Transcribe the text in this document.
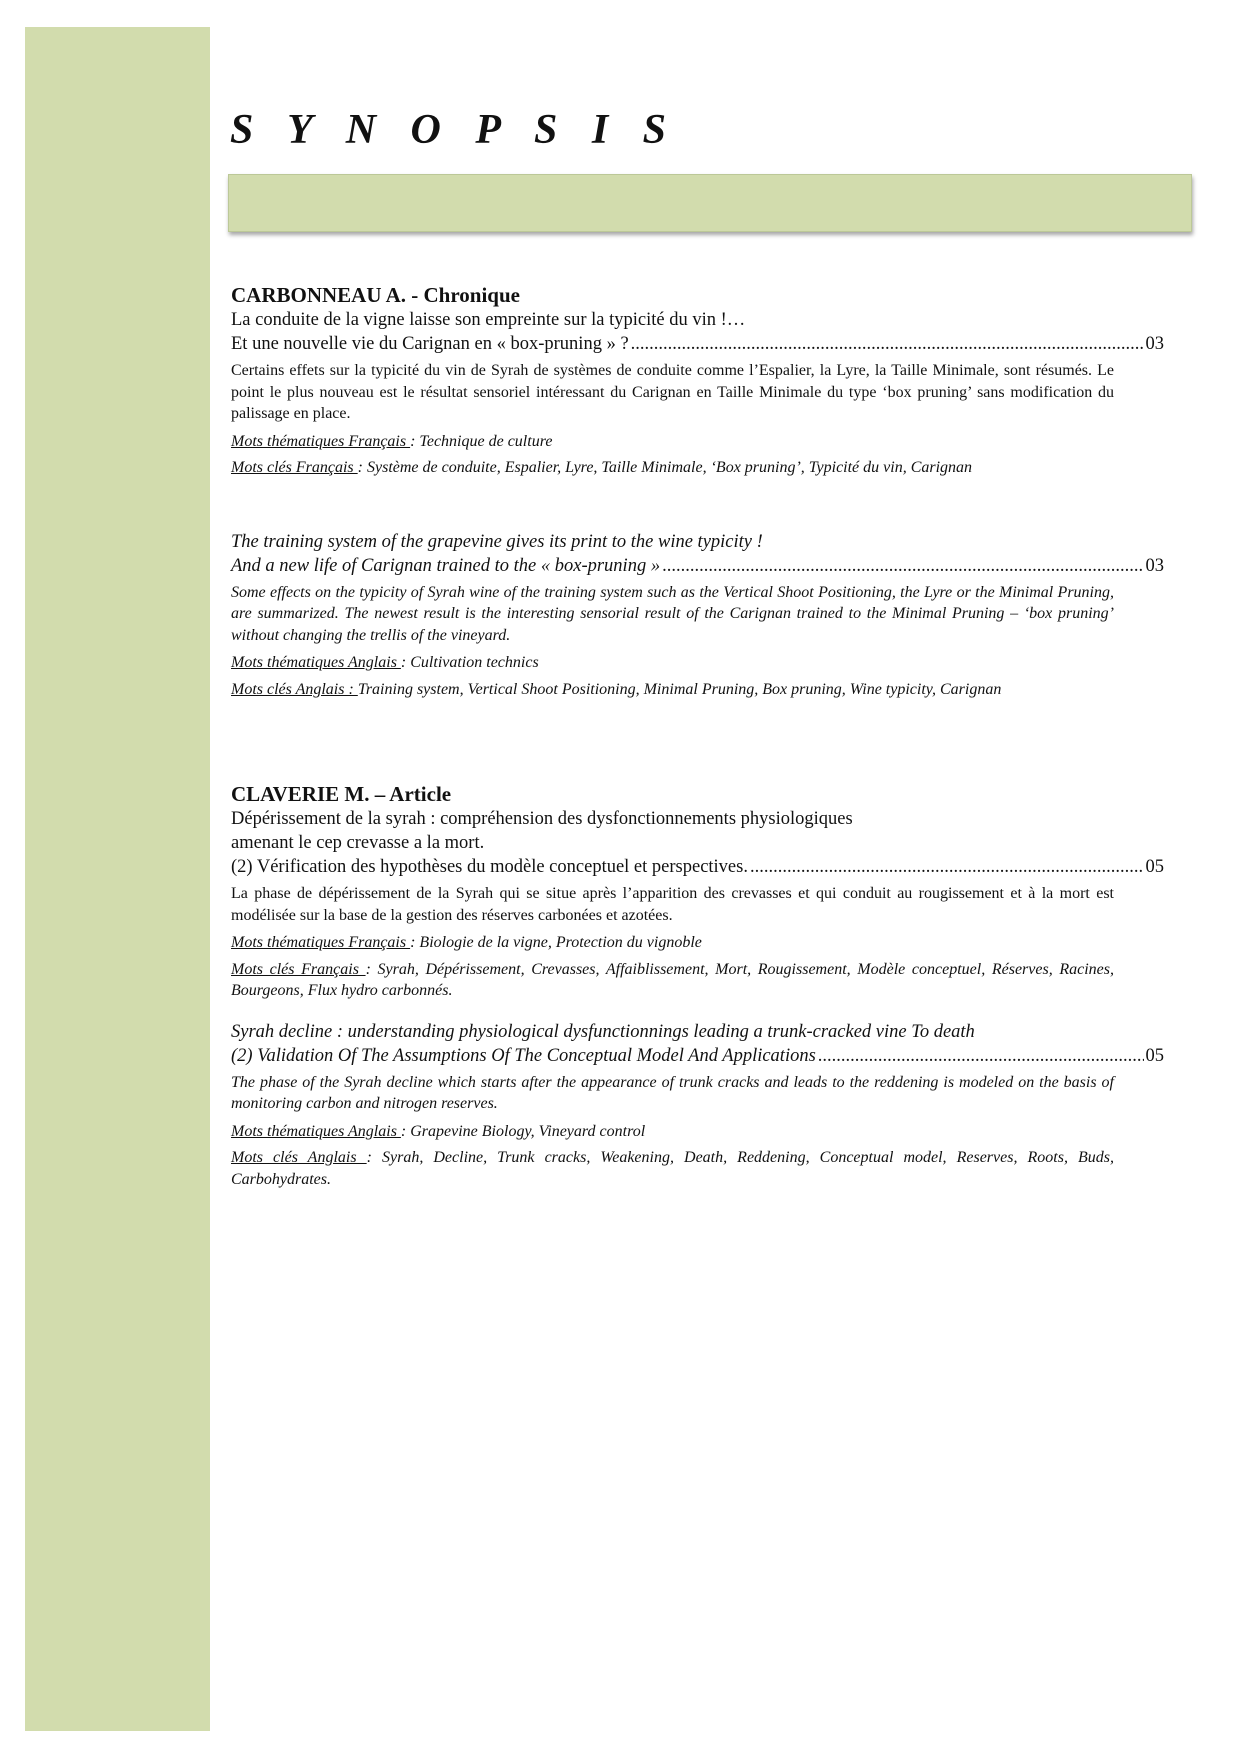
S Y N O P S I S

CARBONNEAU A. - Chronique

La conduite de la vigne laisse son empreinte sur la typicité du vin !…

Et une nouvelle vie du Carignan en « box-pruning » ? .....	03

Certains effets sur la typicité du vin de Syrah de systèmes de conduite comme l’Espalier, la Lyre, la Taille Minimale, sont résumés. Le point le plus nouveau est le résultat sensoriel intéressant du Carignan en Taille Minimale du type ‘box pruning’ sans modification du palissage en place.

Mots thématiques Français : Technique de culture

Mots clés Français : Système de conduite, Espalier, Lyre, Taille Minimale, ‘Box pruning’, Typicité du vin, Carignan

The training system of the grapevine gives its print to the wine typicity !

And a new life of Carignan trained to the « box-pruning » .....	03

Some effects on the typicity of Syrah wine of the training system such as the Vertical Shoot Positioning, the Lyre or the Minimal Pruning, are summarized. The newest result is the interesting sensorial result of the Carignan trained to the Minimal Pruning – ‘box pruning’ without changing the trellis of the vineyard.

Mots thématiques Anglais : Cultivation technics

Mots clés Anglais : Training system, Vertical Shoot Positioning, Minimal Pruning, Box pruning, Wine typicity, Carignan

CLAVERIE M. – Article

Dépérissement de la syrah : compréhension des dysfonctionnements physiologiques

amenant le cep crevasse a la mort.

(2) Vérification des hypothèses du modèle conceptuel et perspectives. .....	05

La phase de dépérissement de la Syrah qui se situe après l’apparition des crevasses et qui conduit au rougissement et à la mort est modélisée sur la base de la gestion des réserves carbonées et azotées.

Mots thématiques Français : Biologie de la vigne, Protection du vignoble

Mots clés Français : Syrah, Dépérissement, Crevasses, Affaiblissement, Mort, Rougissement, Modèle conceptuel, Réserves, Racines, Bourgeons, Flux hydro carbonnés.

Syrah decline : understanding physiological dysfunctionnings leading a trunk-cracked vine To death

(2) Validation Of The Assumptions Of The Conceptual Model And Applications .....	05

The phase of the Syrah decline which starts after the appearance of trunk cracks and leads to the reddening is modeled on the basis of monitoring carbon and nitrogen reserves.

Mots thématiques Anglais : Grapevine Biology, Vineyard control

Mots clés Anglais : Syrah, Decline, Trunk cracks, Weakening, Death, Reddening, Conceptual model, Reserves, Roots, Buds, Carbohydrates.
